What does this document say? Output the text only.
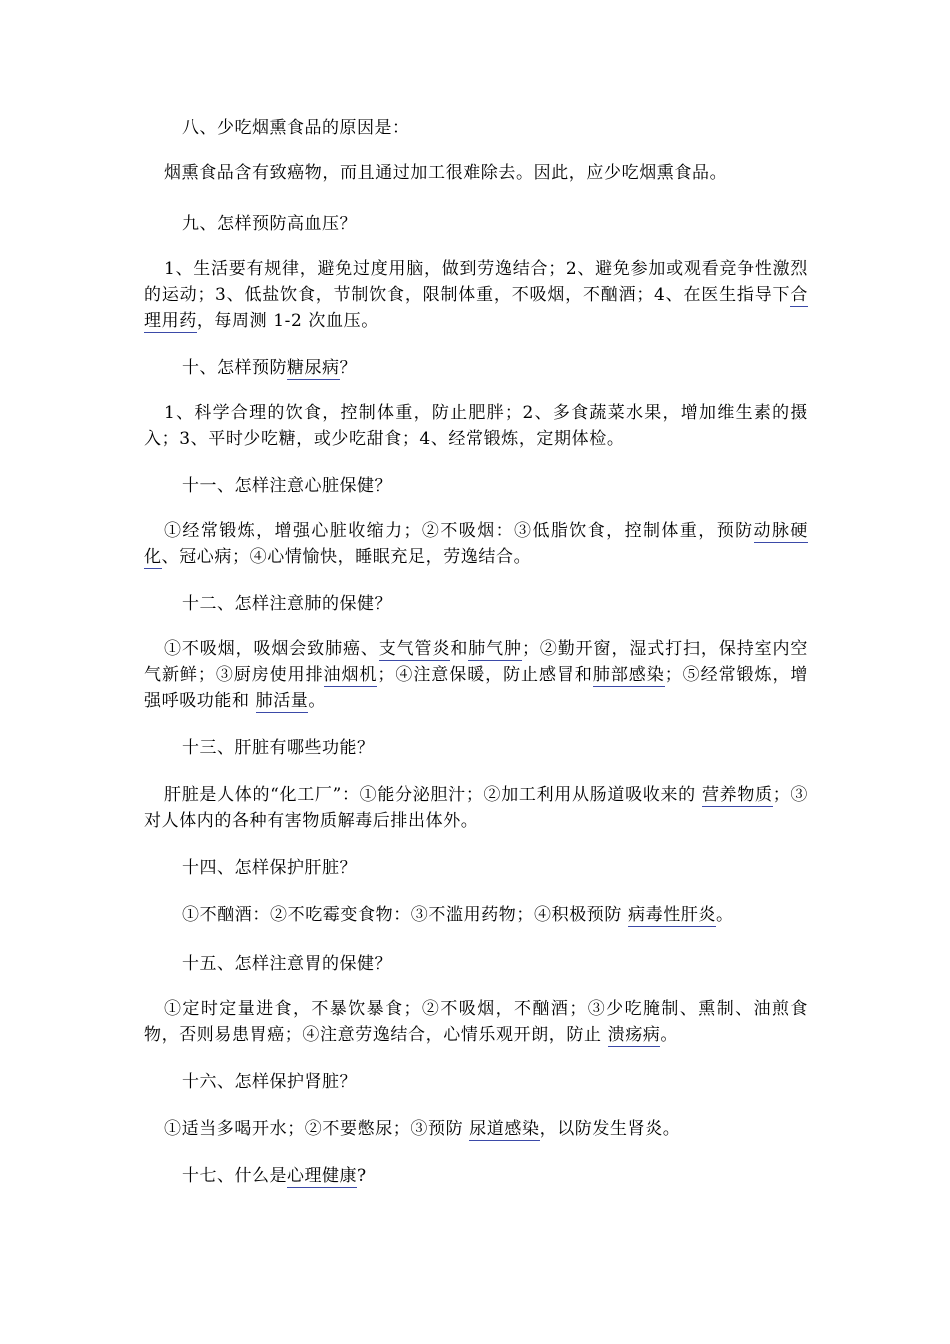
八、少吃烟熏食品的原因是：
烟熏食品含有致癌物，而且通过加工很难除去。因此，应少吃烟熏食品。
九、怎样预防高血压？
1、生活要有规律，避免过度用脑，做到劳逸结合；2、避免参加或观看竞争性激烈的运动；3、低盐饮食，节制饮食，限制体重，不吸烟，不酗酒；4、在医生指导下合理用药，每周测 1-2 次血压。
十、怎样预防糖尿病？
1、科学合理的饮食，控制体重，防止肥胖；2、多食蔬菜水果，增加维生素的摄入；3、平时少吃糖，或少吃甜食；4、经常锻炼，定期体检。
十一、怎样注意心脏保健？
①经常锻炼，增强心脏收缩力；②不吸烟：③低脂饮食，控制体重，预防动脉硬化、冠心病；④心情愉快，睡眠充足，劳逸结合。
十二、怎样注意肺的保健？
①不吸烟，吸烟会致肺癌、支气管炎和肺气肿；②勤开窗，湿式打扫，保持室内空气新鲜；③厨房使用排油烟机；④注意保暖，防止感冒和肺部感染；⑤经常锻炼，增强呼吸功能和 肺活量。
十三、肝脏有哪些功能？
肝脏是人体的“化工厂”：①能分泌胆汁；②加工利用从肠道吸收来的 营养物质；③对人体内的各种有害物质解毒后排出体外。
十四、怎样保护肝脏？
①不酗酒：②不吃霉变食物：③不滥用药物；④积极预防 病毒性肝炎。
十五、怎样注意胃的保健？
①定时定量进食，不暴饮暴食；②不吸烟，不酗酒；③少吃腌制、熏制、油煎食物，否则易患胃癌；④注意劳逸结合，心情乐观开朗，防止 溃疡病。
十六、怎样保护肾脏？
①适当多喝开水；②不要憋尿；③预防 尿道感染，以防发生肾炎。
十七、什么是心理健康?
